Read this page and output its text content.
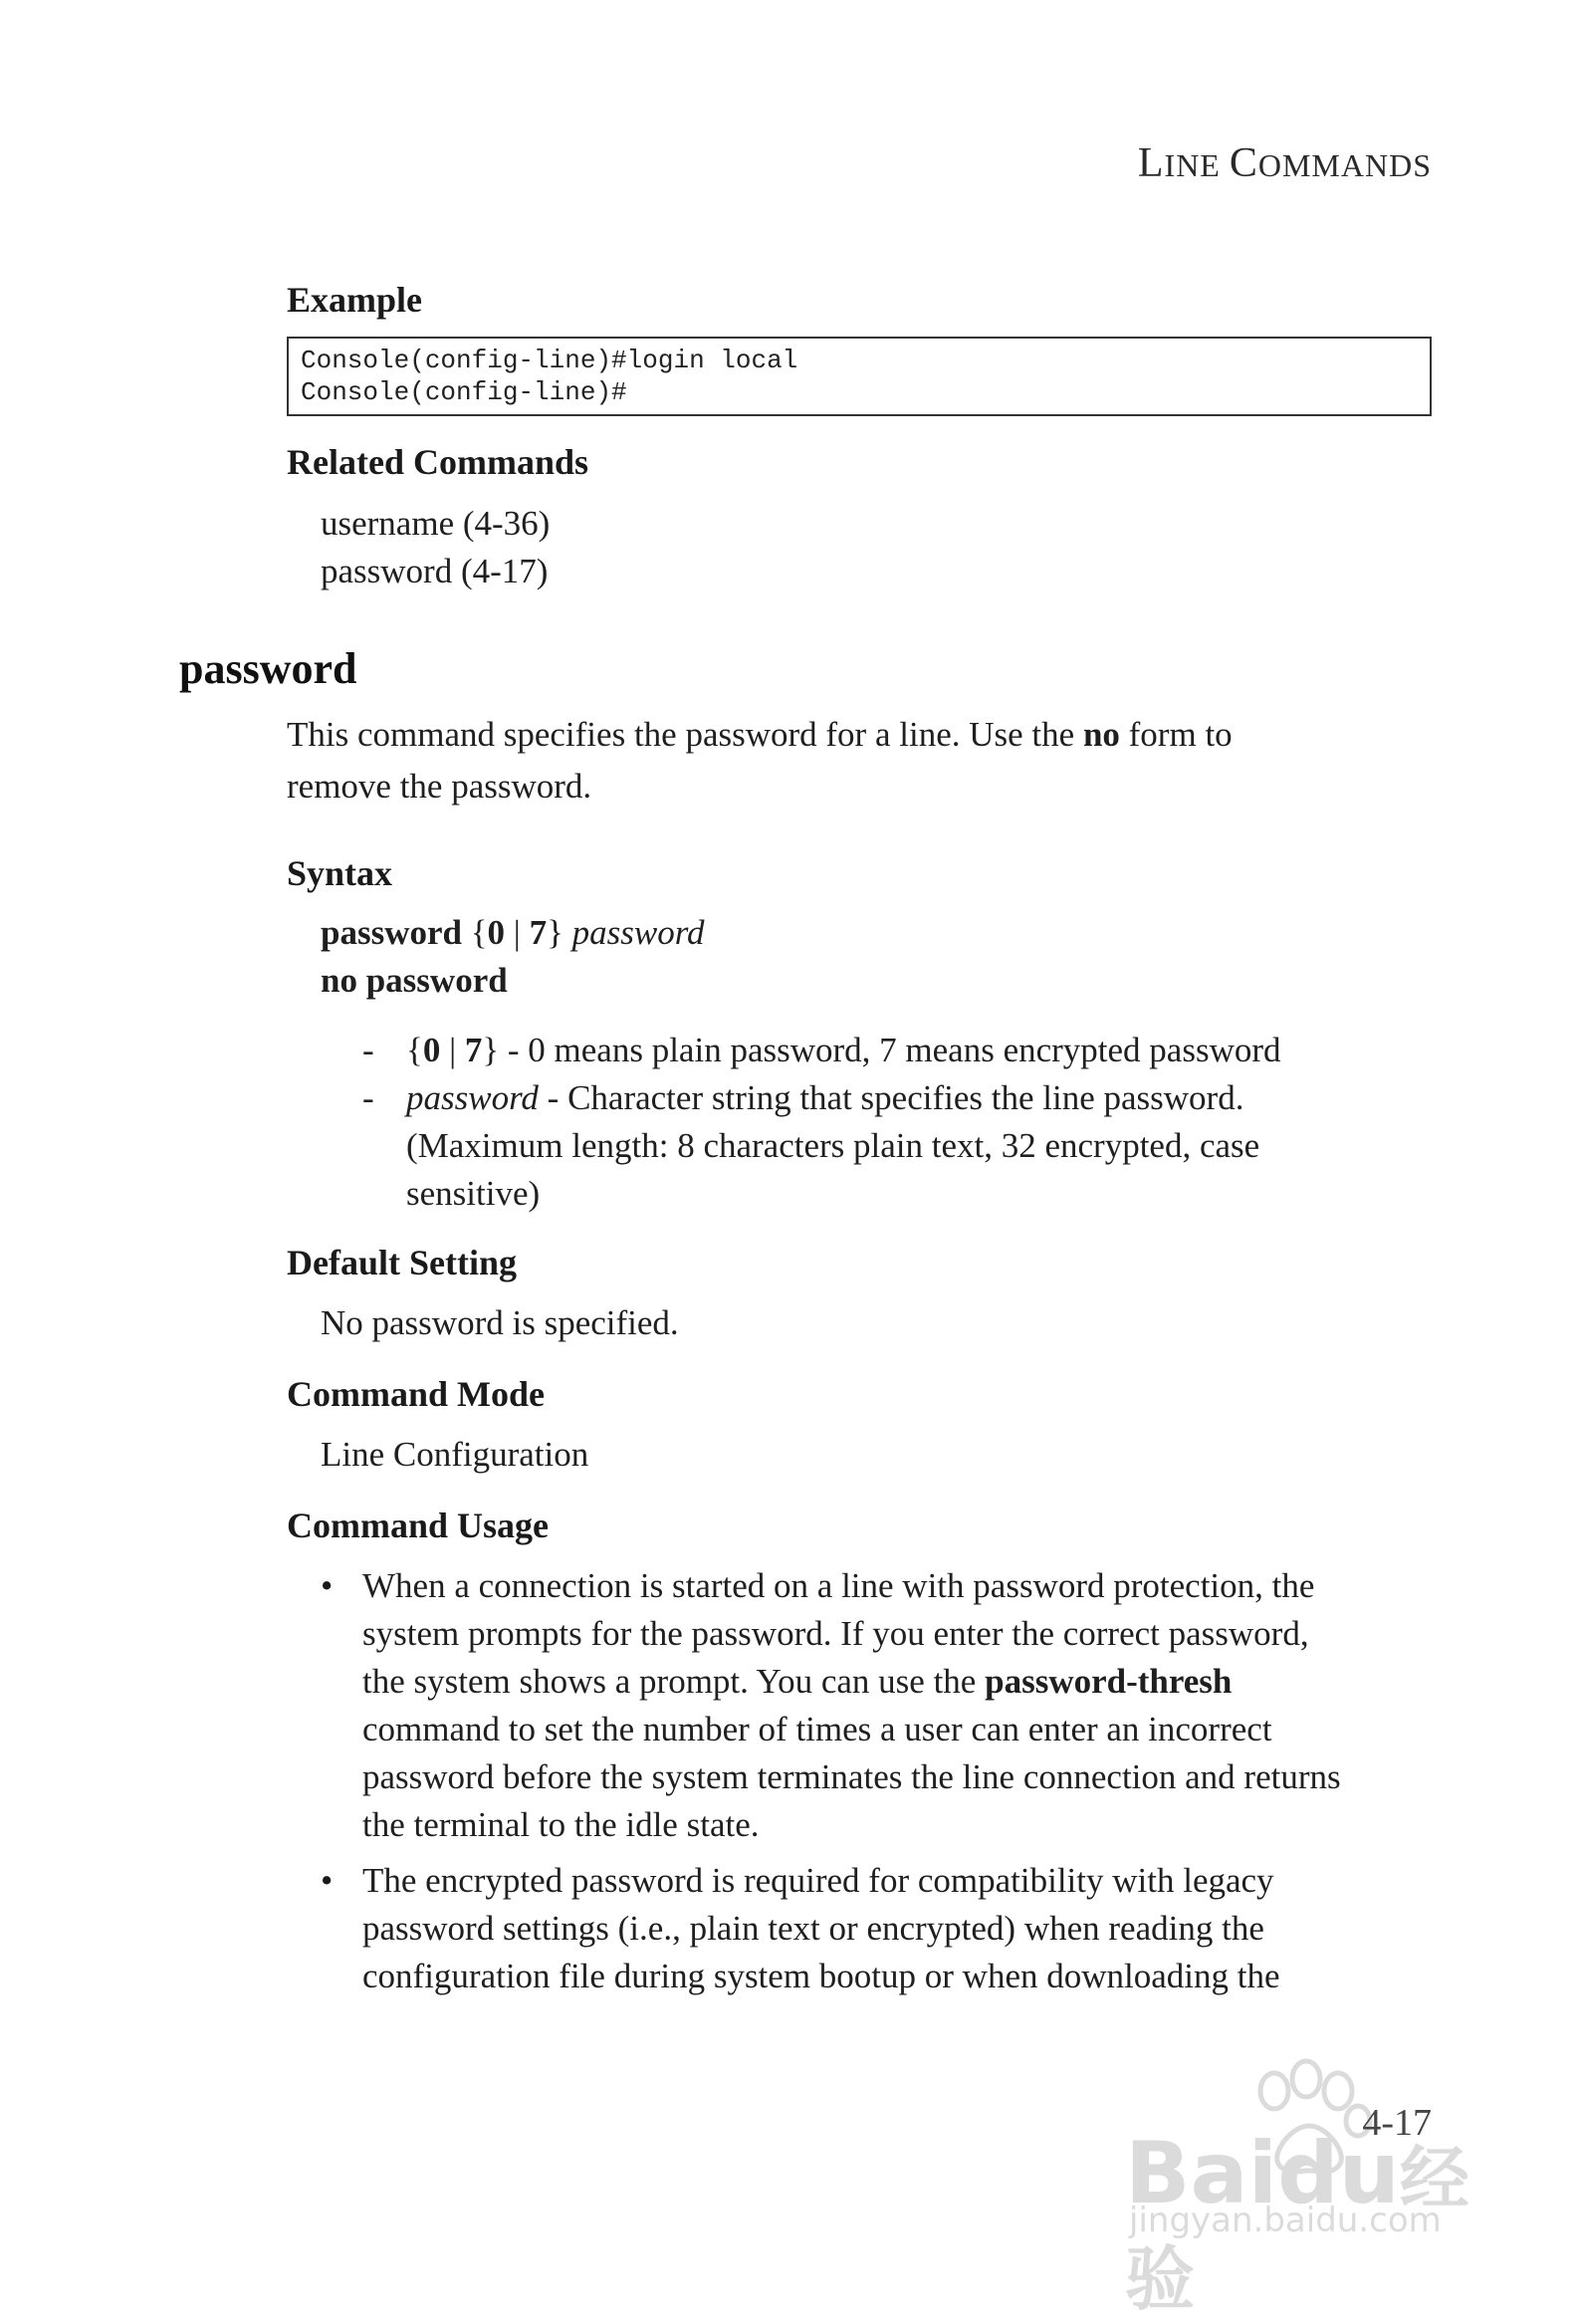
LINE COMMANDS
Example
Console(config-line)#login local
Console(config-line)#
Related Commands
username (4-36)
password (4-17)
password
This command specifies the password for a line. Use the no form to
remove the password.
Syntax
password {0 | 7} password
no password
- {0 | 7} - 0 means plain password, 7 means encrypted password
- password - Character string that specifies the line password.
(Maximum length: 8 characters plain text, 32 encrypted, case
sensitive)
Default Setting
No password is specified.
Command Mode
Line Configuration
Command Usage
• When a connection is started on a line with password protection, the
system prompts for the password. If you enter the correct password,
the system shows a prompt. You can use the password-thresh
command to set the number of times a user can enter an incorrect
password before the system terminates the line connection and returns
the terminal to the idle state.
• The encrypted password is required for compatibility with legacy
password settings (i.e., plain text or encrypted) when reading the
configuration file during system bootup or when downloading the
Baidu经验
jingyan.baidu.com
4-17
